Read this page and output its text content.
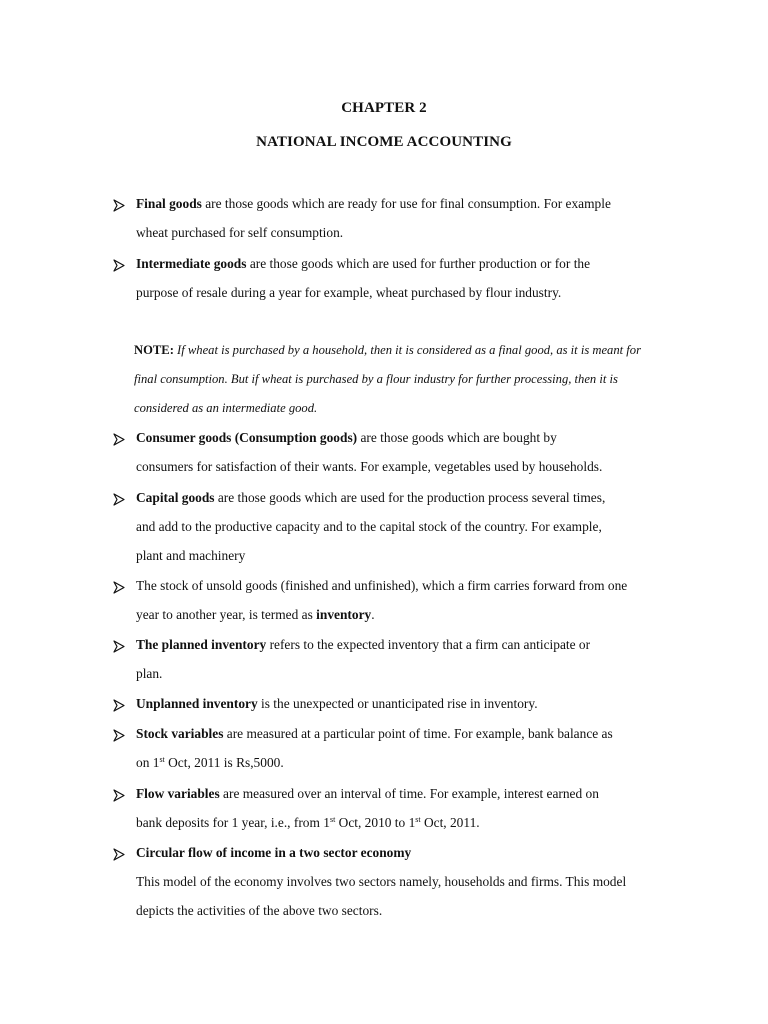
CHAPTER 2
NATIONAL INCOME ACCOUNTING
Final goods are those goods which are ready for use for final consumption. For example
wheat purchased for self consumption.
Intermediate goods are those goods which are used for further production or for the
purpose of resale during a year for example, wheat purchased by flour industry.
NOTE: If wheat is purchased by a household, then it is considered as a final good, as it is meant for
final consumption. But if wheat is purchased by a flour industry for further processing, then it is
considered as an intermediate good.
Consumer goods (Consumption goods) are those goods which are bought by
consumers for satisfaction of their wants. For example, vegetables used by households.
Capital goods are those goods which are used for the production process several times,
and add to the productive capacity and to the capital stock of the country. For example,
plant and machinery
The stock of unsold goods (finished and unfinished), which a firm carries forward from one
year to another year, is termed as inventory.
The planned inventory refers to the expected inventory that a firm can anticipate or
plan.
Unplanned inventory is the unexpected or unanticipated rise in inventory.
Stock variables are measured at a particular point of time. For example, bank balance as
on 1st Oct, 2011 is Rs,5000.
Flow variables are measured over an interval of time. For example, interest earned on
bank deposits for 1 year, i.e., from 1st Oct, 2010 to 1st Oct, 2011.
Circular flow of income in a two sector economy
This model of the economy involves two sectors namely, households and firms. This model
depicts the activities of the above two sectors.
